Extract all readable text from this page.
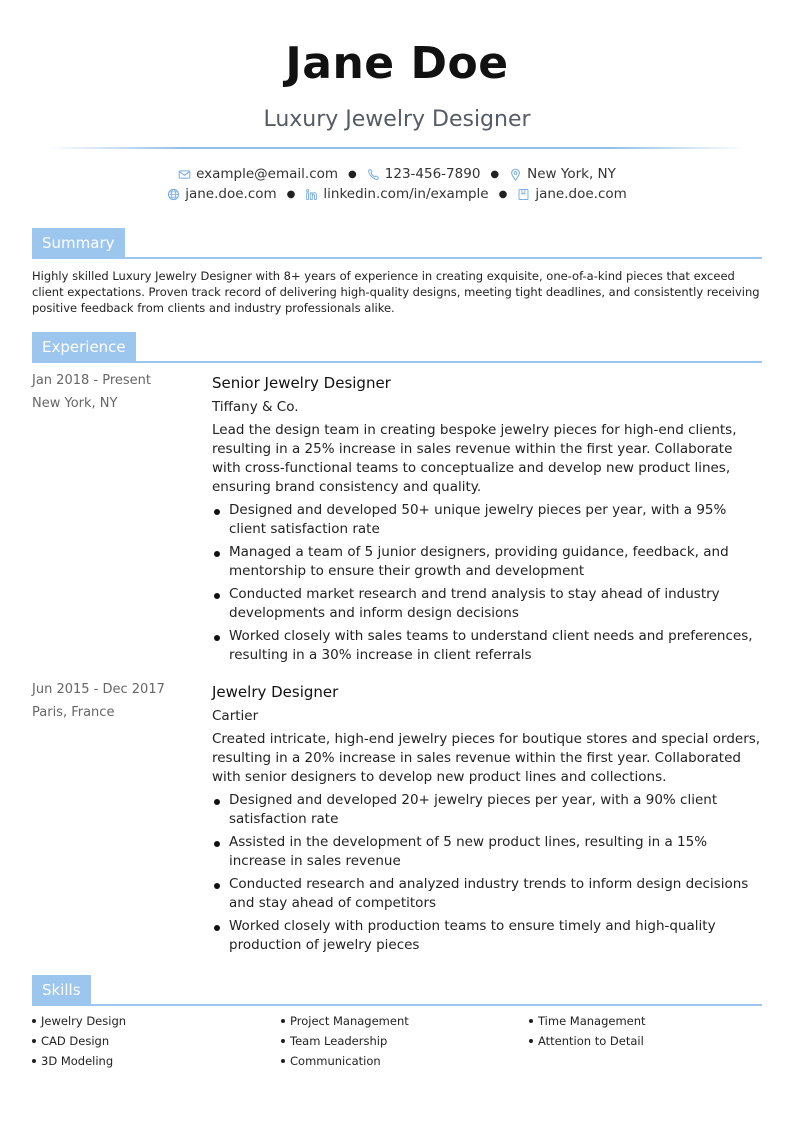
Jane Doe
Luxury Jewelry Designer
example@email.com ● 123-456-7890 ● New York, NY
jane.doe.com ● linkedin.com/in/example ● jane.doe.com
Summary
Highly skilled Luxury Jewelry Designer with 8+ years of experience in creating exquisite, one-of-a-kind pieces that exceed client expectations. Proven track record of delivering high-quality designs, meeting tight deadlines, and consistently receiving positive feedback from clients and industry professionals alike.
Experience
Jan 2018 - Present
New York, NY
Senior Jewelry Designer
Tiffany & Co.
Lead the design team in creating bespoke jewelry pieces for high-end clients, resulting in a 25% increase in sales revenue within the first year. Collaborate with cross-functional teams to conceptualize and develop new product lines, ensuring brand consistency and quality.
Designed and developed 50+ unique jewelry pieces per year, with a 95% client satisfaction rate
Managed a team of 5 junior designers, providing guidance, feedback, and mentorship to ensure their growth and development
Conducted market research and trend analysis to stay ahead of industry developments and inform design decisions
Worked closely with sales teams to understand client needs and preferences, resulting in a 30% increase in client referrals
Jun 2015 - Dec 2017
Paris, France
Jewelry Designer
Cartier
Created intricate, high-end jewelry pieces for boutique stores and special orders, resulting in a 20% increase in sales revenue within the first year. Collaborated with senior designers to develop new product lines and collections.
Designed and developed 20+ jewelry pieces per year, with a 90% client satisfaction rate
Assisted in the development of 5 new product lines, resulting in a 15% increase in sales revenue
Conducted research and analyzed industry trends to inform design decisions and stay ahead of competitors
Worked closely with production teams to ensure timely and high-quality production of jewelry pieces
Skills
Jewelry Design	Project Management	Time Management
CAD Design	Team Leadership	Attention to Detail
3D Modeling	Communication
